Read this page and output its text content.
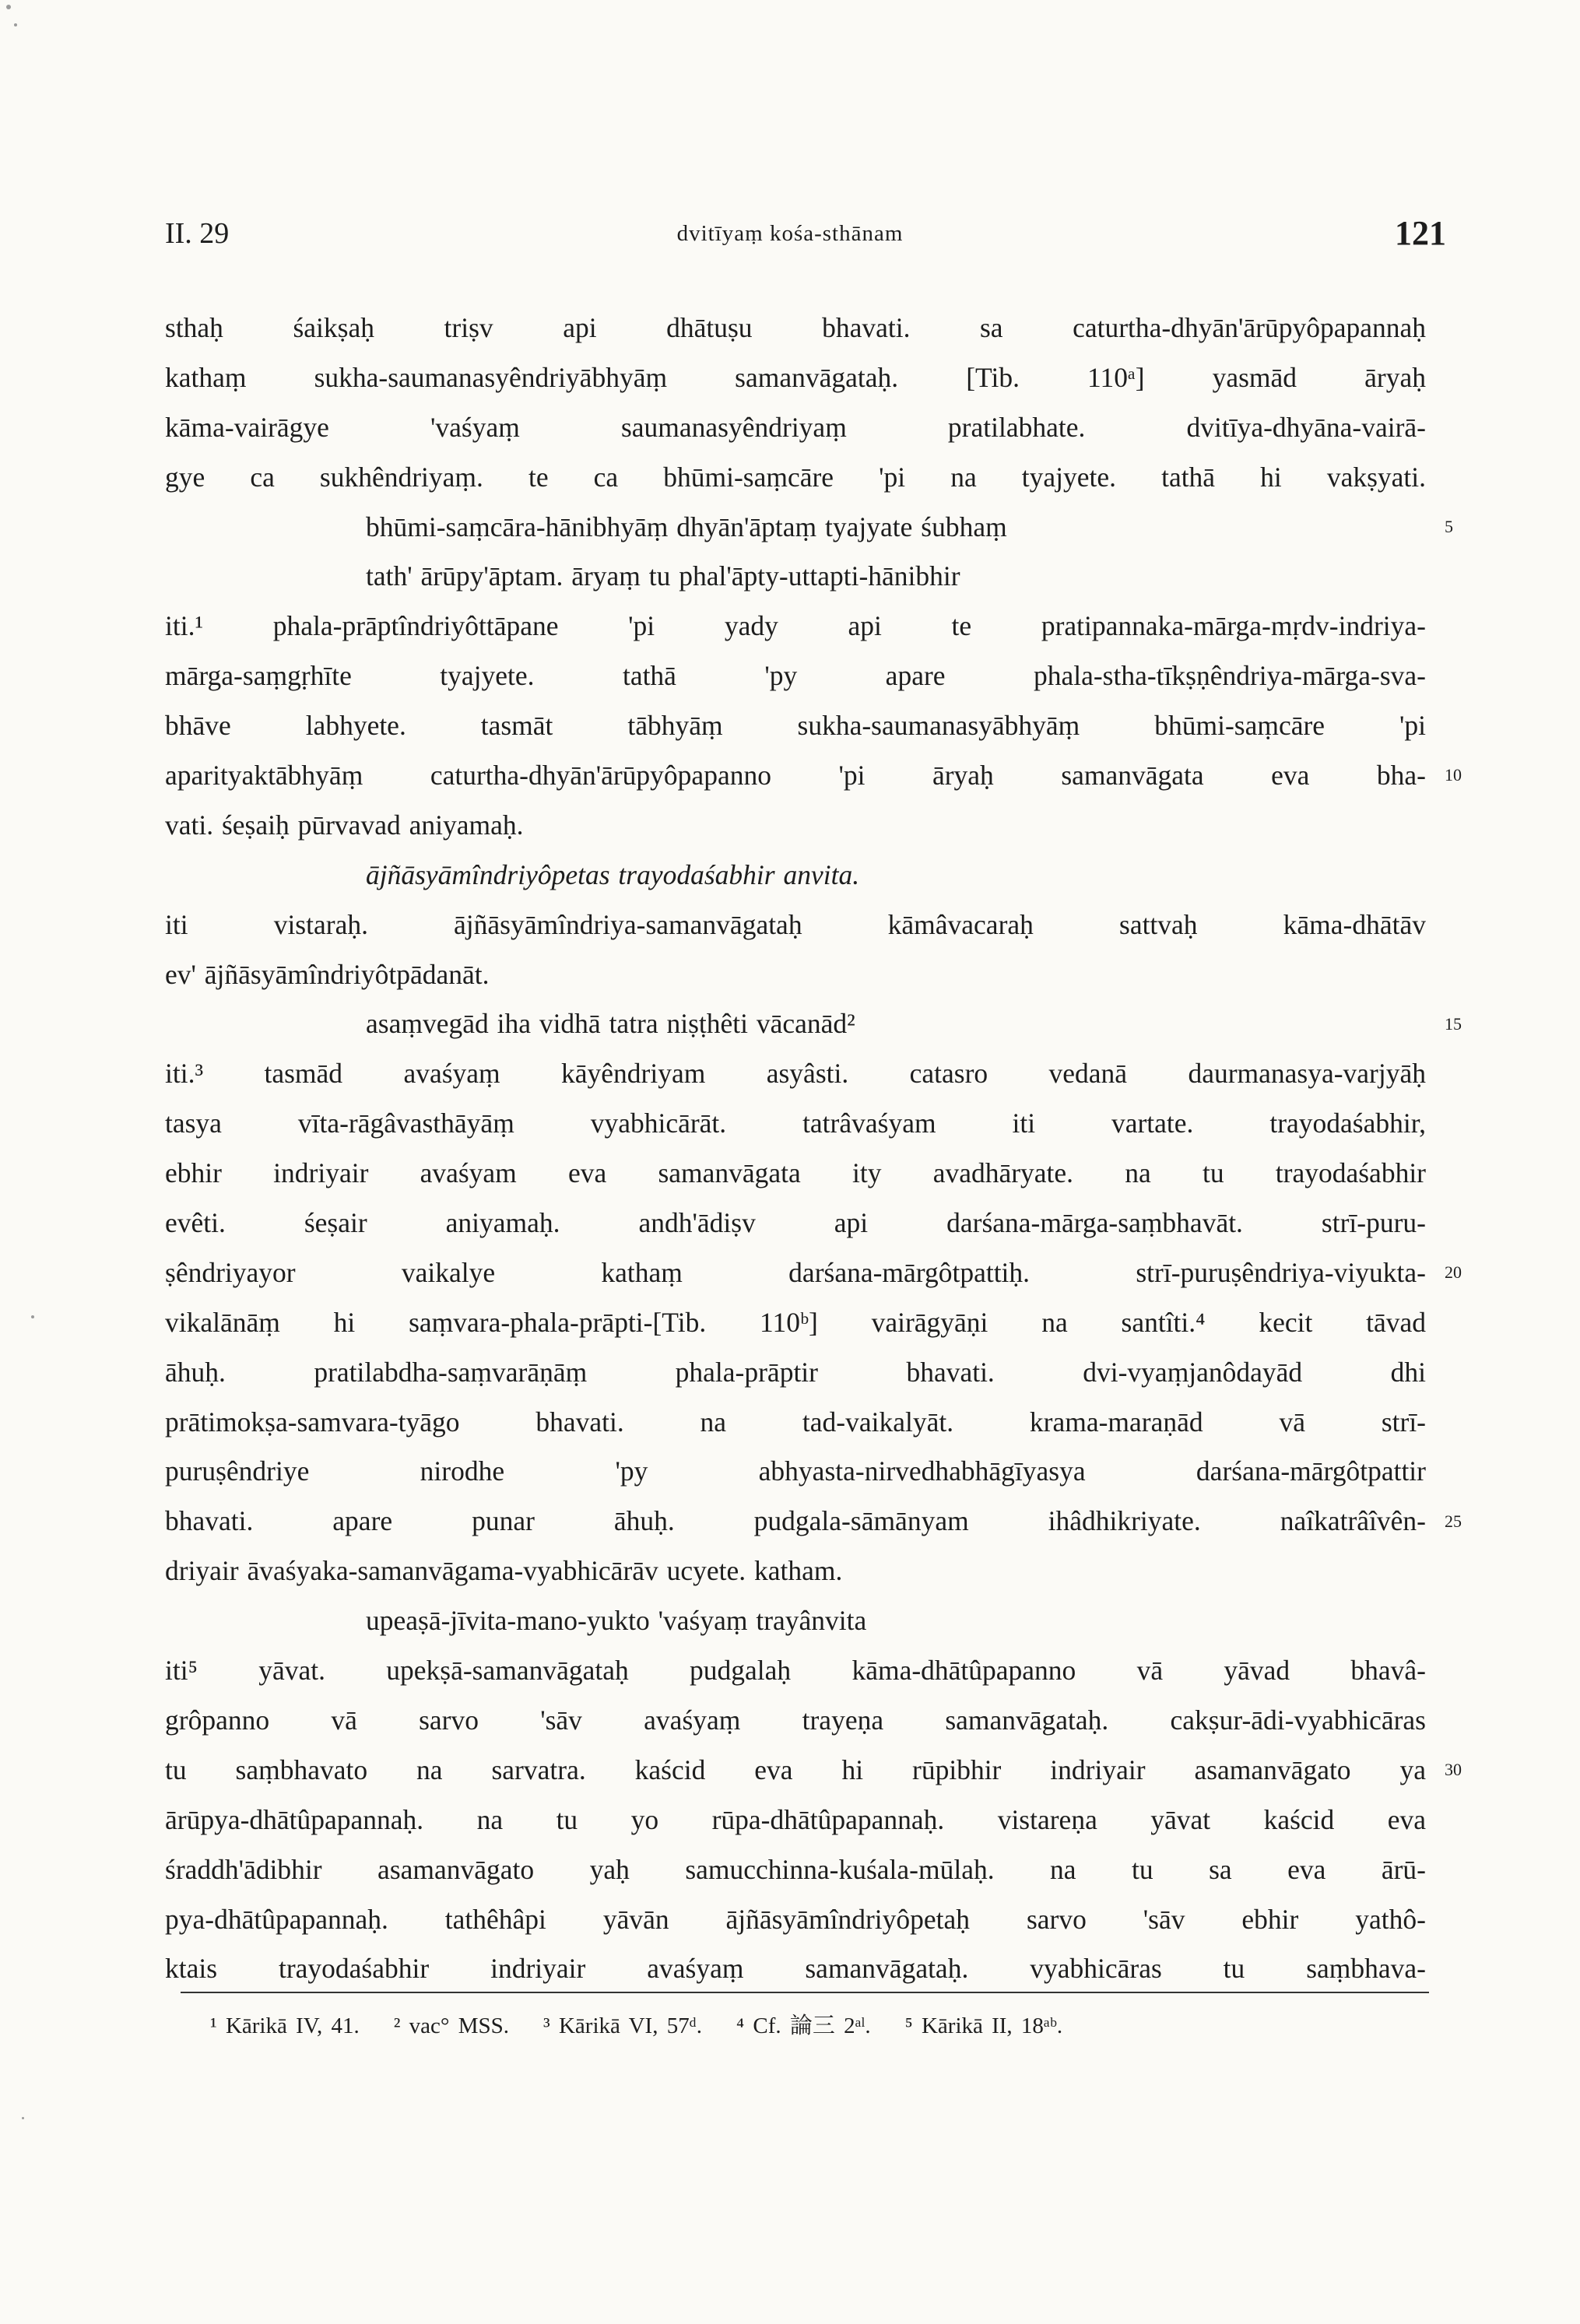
II. 29	dvitīyaṃ kośa-sthānam	121
sthaḥ śaikṣaḥ triṣv api dhātuṣu bhavati. sa caturtha-dhyān'ārūpyôpapannaḥ
kathaṃ sukha-saumanasyêndriyābhyāṃ samanvāgataḥ. [Tib. 110ᵃ] yasmād āryaḥ
kāma-vairāgye 'vaśyaṃ saumanasyêndriyaṃ pratilabhate. dvitīya-dhyāna-vairā-
gye ca sukhêndriyaṃ. te ca bhūmi-saṃcāre 'pi na tyajyete. tathā hi vakṣyati.
bhūmi-saṃcāra-hānibhyāṃ dhyān'āptaṃ tyajyate śubhaṃ
tath' ārūpy'āptam. āryaṃ tu phal'āpty-uttapti-hānibhir
iti.¹ phala-prāptîndriyôttāpane 'pi yady api te pratipannaka-mārga-mṛdv-indriya-
mārga-saṃgṛhīte tyajyete. tathā 'py apare phala-stha-tīkṣṇêndriya-mārga-sva-
bhāve labhyete. tasmāt tābhyāṃ sukha-saumanasyābhyāṃ bhūmi-saṃcāre 'pi
aparityaktābhyāṃ caturtha-dhyān'ārūpyôpapanno 'pi āryaḥ samanvāgata eva bha-
vati. śeṣaiḥ pūrvavad aniyamaḥ.
ājñāsyāmîndriyôpetas trayodaśabhir anvita.
iti vistaraḥ. ājñāsyāmîndriya-samanvāgataḥ kāmâvacaraḥ sattvaḥ kāma-dhātāv
ev' ājñāsyāmîndriyôtpādanāt.
asaṃvegād iha vidhā tatra niṣṭhêti vācanād²
iti.³ tasmād avaśyaṃ kāyêndriyam asyâsti. catasro vedanā daurmanasya-varjyāḥ
tasya vīta-rāgâvasthāyāṃ vyabhicārāt. tatrâvaśyam iti vartate. trayodaśabhir,
ebhir indriyair avaśyam eva samanvāgata ity avadhāryate. na tu trayodaśabhir
evêti. śeṣair aniyamaḥ. andh'ādiṣv api darśana-mārga-saṃbhavāt. strī-puru-
ṣêndriyayor vaikalye kathaṃ darśana-mārgôtpattiḥ. strī-puruṣêndriya-viyukta-
vikalānāṃ hi saṃvara-phala-prāpti-[Tib. 110ᵇ] vairāgyāṇi na santîti.⁴ kecit tāvad
āhuḥ. pratilabdha-saṃvarāṇāṃ phala-prāptir bhavati. dvi-vyaṃjanôdayād dhi
prātimokṣa-samvara-tyāgo bhavati. na tad-vaikalyāt. krama-maraṇād vā strī-
puruṣêndriye nirodhe 'py abhyasta-nirvedhabhāgīyasya darśana-mārgôtpattir
bhavati. apare punar āhuḥ. pudgala-sāmānyam ihâdhikriyate. naîkatrâîvên-
driyair āvaśyaka-samanvāgama-vyabhicārāv ucyete. katham.
upeaṣā-jīvita-mano-yukto 'vaśyaṃ trayânvita
iti⁵ yāvat. upekṣā-samanvāgataḥ pudgalaḥ kāma-dhātûpapanno vā yāvad bhavâ-
grôpanno vā sarvo 'sāv avaśyaṃ trayeṇa samanvāgataḥ. cakṣur-ādi-vyabhicāras
tu saṃbhavato na sarvatra. kaścid eva hi rūpibhir indriyair asamanvāgato ya
ārūpya-dhātûpapannaḥ. na tu yo rūpa-dhātûpapannaḥ. vistareṇa yāvat kaścid eva
śraddh'ādibhir asamanvāgato yaḥ samucchinna-kuśala-mūlaḥ. na tu sa eva ārū-
pya-dhātûpapannaḥ. tathêhâpi yāvān ājñāsyāmîndriyôpetaḥ sarvo 'sāv ebhir yathô-
ktais trayodaśabhir indriyair avaśyaṃ samanvāgataḥ. vyabhicāras tu saṃbhava-
5
10
15
20
25
30
¹ Kārikā IV, 41. ² vac° MSS. ³ Kārikā VI, 57ᵈ. ⁴ Cf. 論三 2ᵃˡ. ⁵ Kārikā II, 18ᵃᵇ.
